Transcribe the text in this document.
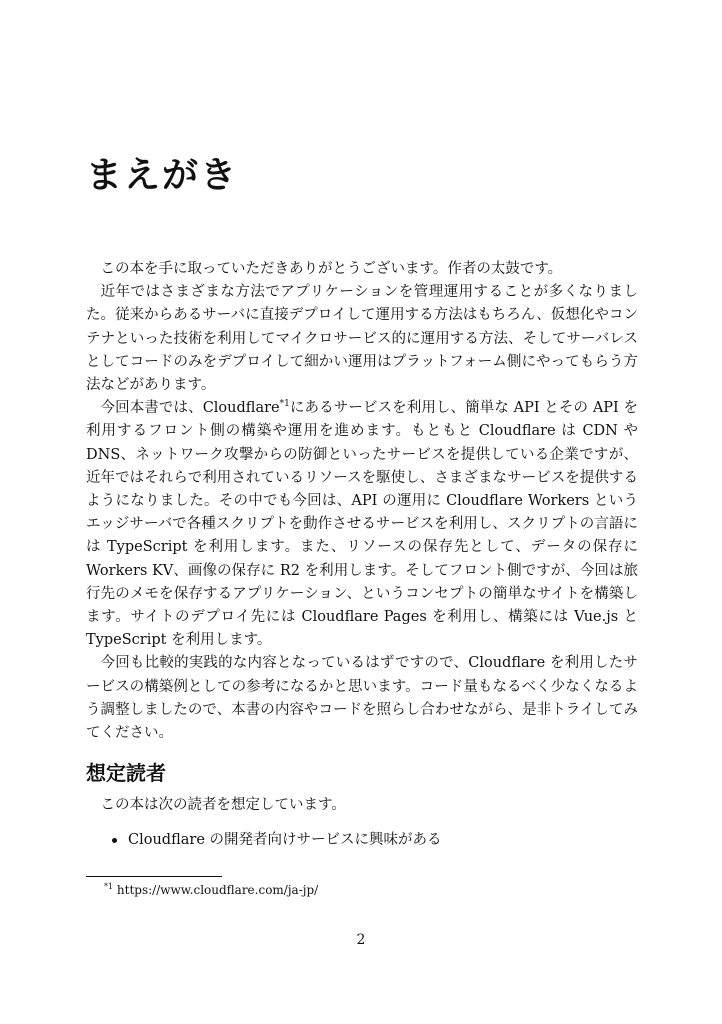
まえがき

この本を手に取っていただきありがとうございます。作者の太鼓です。

近年ではさまざまな方法でアプリケーションを管理運用することが多くなりました。従来からあるサーバに直接デプロイして運用する方法はもちろん、仮想化やコンテナといった技術を利用してマイクロサービス的に運用する方法、そしてサーバレスとしてコードのみをデプロイして細かい運用はプラットフォーム側にやってもらう方法などがあります。

今回本書では、Cloudflare$^{*1}$にあるサービスを利用し、簡単な API とその API を利用するフロント側の構築や運用を進めます。もともと Cloudflare は CDN や DNS、ネットワーク攻撃からの防御といったサービスを提供している企業ですが、近年ではそれらで利用されているリソースを駆使し、さまざまなサービスを提供するようになりました。その中でも今回は、API の運用に Cloudflare Workers というエッジサーバで各種スクリプトを動作させるサービスを利用し、スクリプトの言語には TypeScript を利用します。また、リソースの保存先として、データの保存に Workers KV、画像の保存に R2 を利用します。そしてフロント側ですが、今回は旅行先のメモを保存するアプリケーション、というコンセプトの簡単なサイトを構築します。サイトのデプロイ先には Cloudflare Pages を利用し、構築には Vue.js と TypeScript を利用します。

今回も比較的実践的な内容となっているはずですので、Cloudflare を利用したサービスの構築例としての参考になるかと思います。コード量もなるべく少なくなるよう調整しましたので、本書の内容やコードを照らし合わせながら、是非トライしてみてください。

想定読者

この本は次の読者を想定しています。

Cloudflare の開発者向けサービスに興味がある

$^{*1}$ https://www.cloudflare.com/ja-jp/

2
